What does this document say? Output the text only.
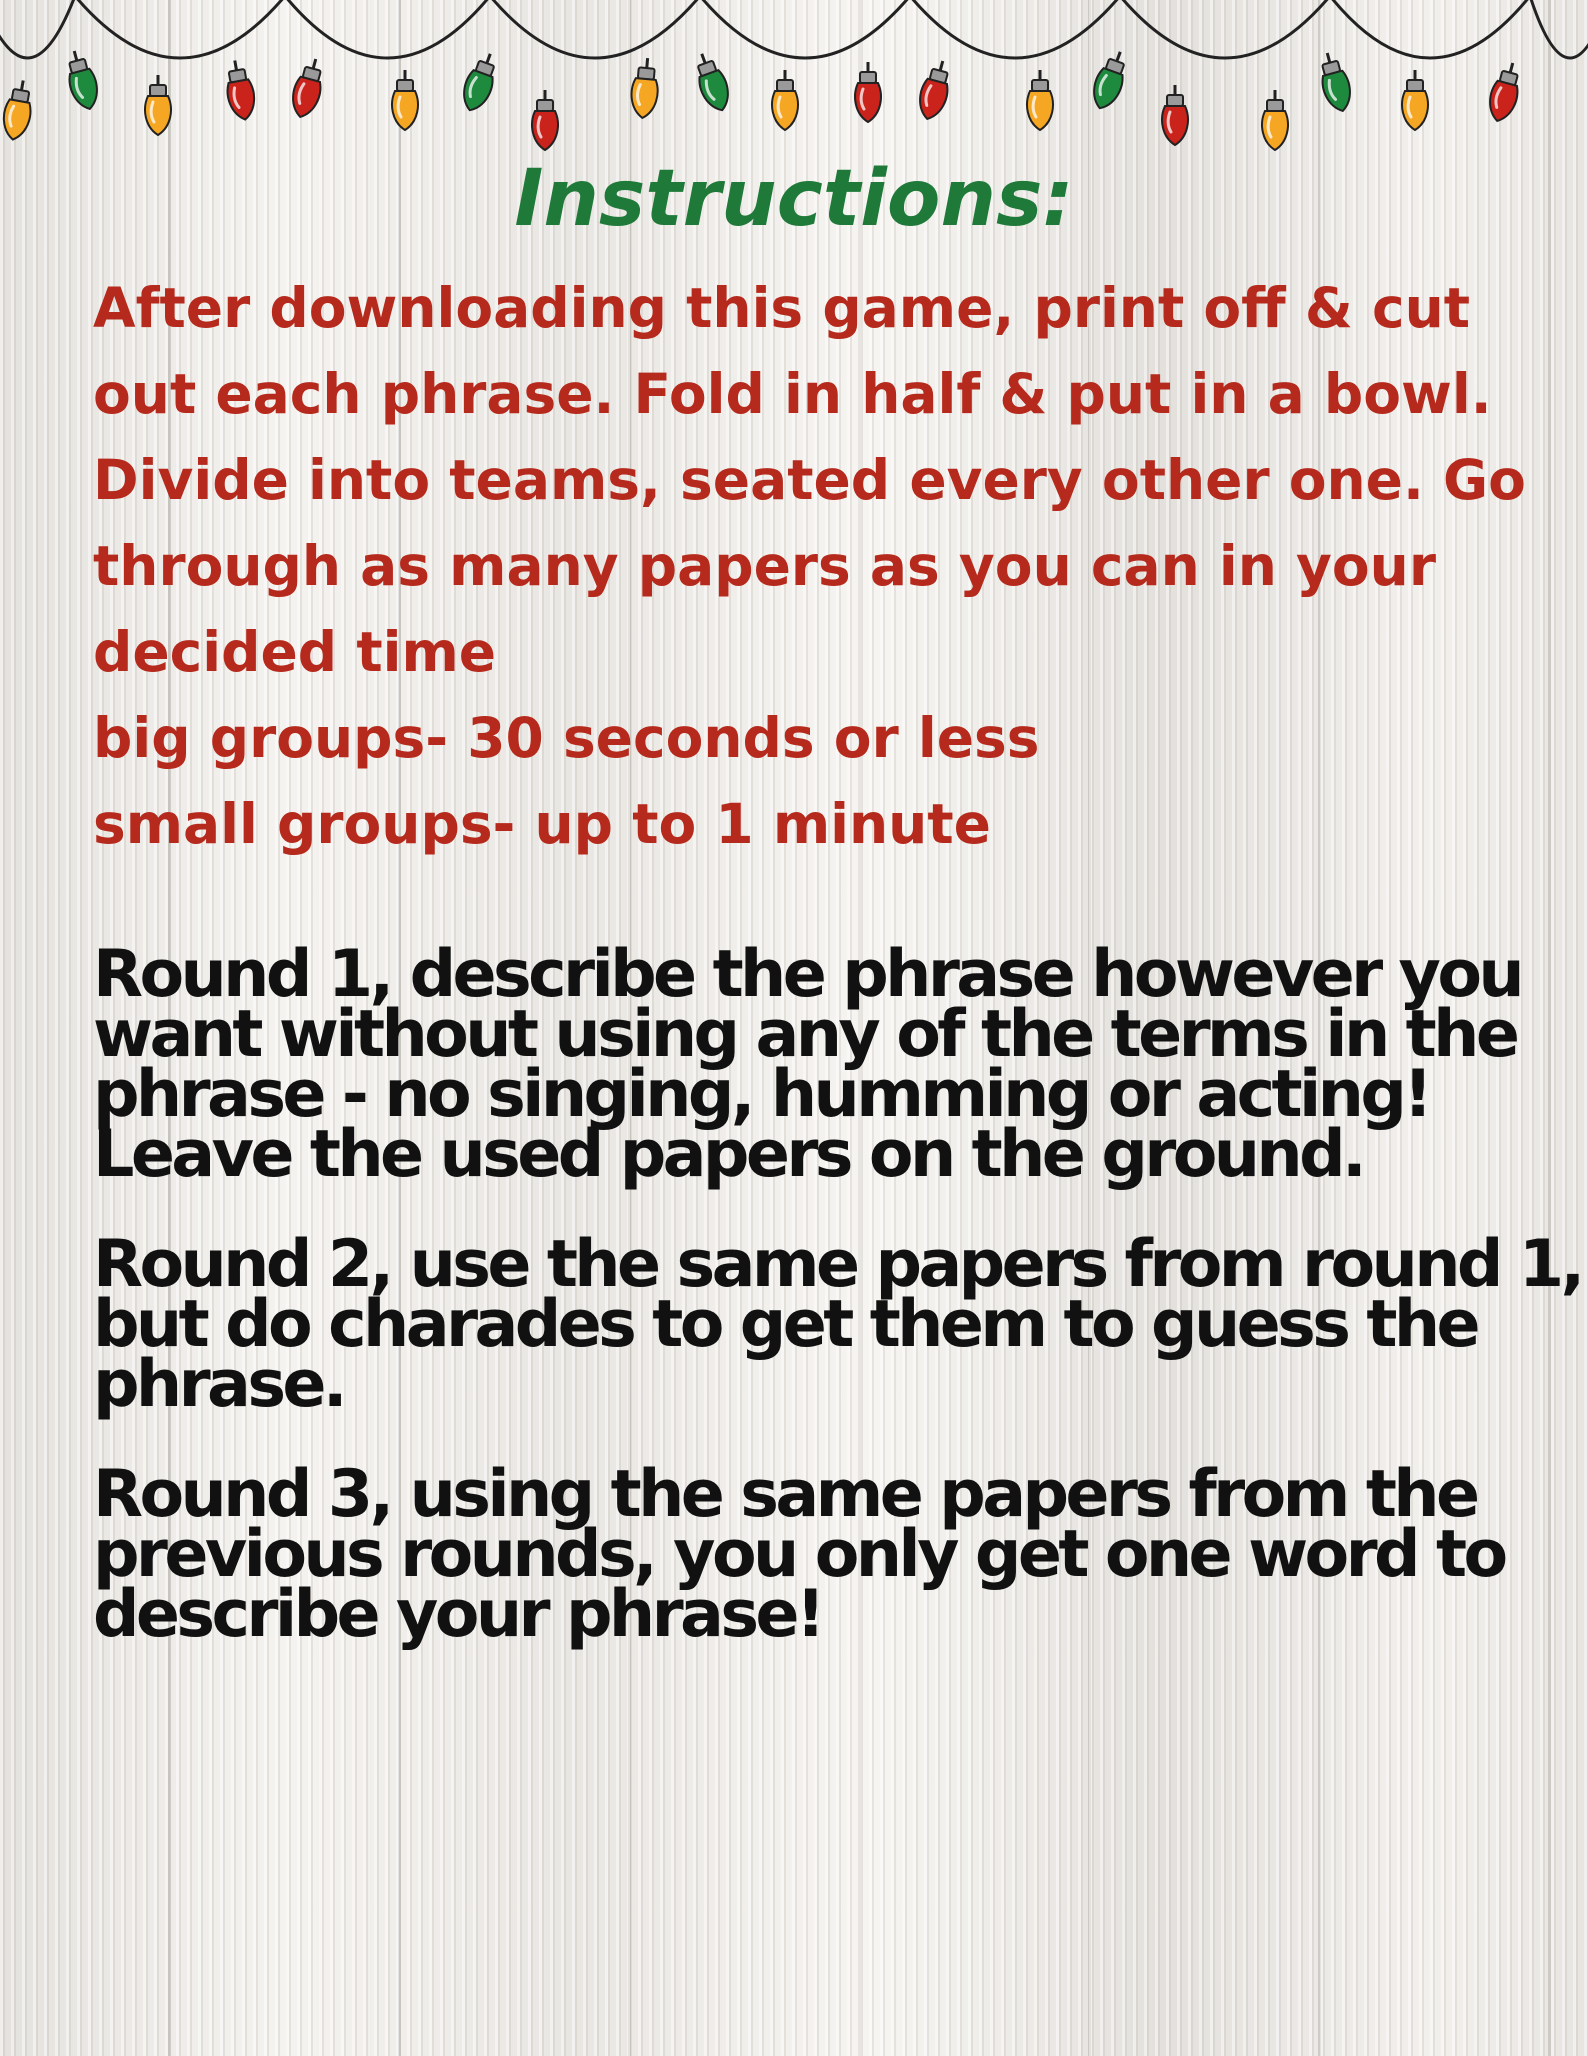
Instructions:
After downloading this game, print off & cut
out each phrase. Fold in half & put in a bowl.
Divide into teams, seated every other one. Go
through as many papers as you can in your
decided time
big groups- 30 seconds or less
small groups- up to 1 minute
Round 1, describe the phrase however you
want without using any of the terms in the
phrase - no singing, humming or acting!
Leave the used papers on the ground.
Round 2, use the same papers from round 1,
but do charades to get them to guess the
phrase.
Round 3, using the same papers from the
previous rounds, you only get one word to
describe your phrase!
